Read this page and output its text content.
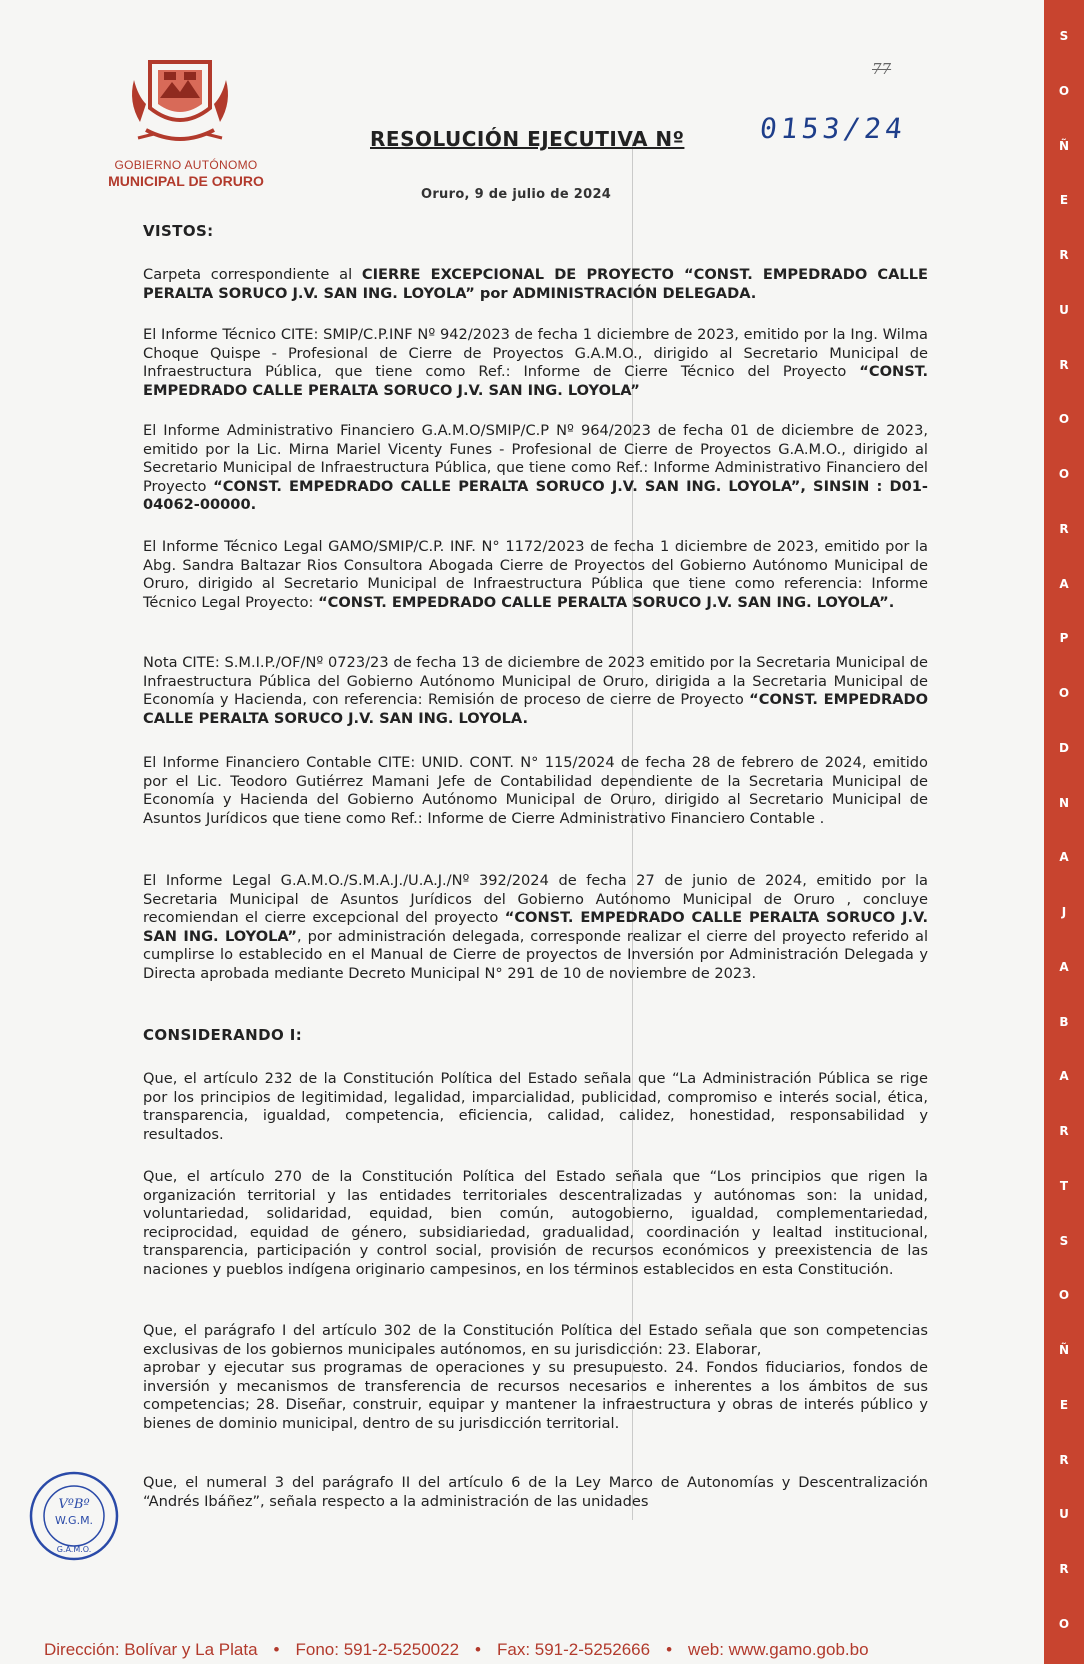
GOBIERNO AUTÓNOMO
MUNICIPAL DE ORURO
77
RESOLUCIÓN EJECUTIVA Nº	0153/24
Oruro, 9 de julio de 2024
VISTOS:
Carpeta correspondiente al CIERRE EXCEPCIONAL DE PROYECTO “CONST. EMPEDRADO CALLE PERALTA SORUCO J.V. SAN ING. LOYOLA” por ADMINISTRACIÓN DELEGADA.
El Informe Técnico CITE: SMIP/C.P.INF Nº 942/2023 de fecha 1 diciembre de 2023, emitido por la Ing. Wilma Choque Quispe - Profesional de Cierre de Proyectos G.A.M.O., dirigido al Secretario Municipal de Infraestructura Pública, que tiene como Ref.: Informe de Cierre Técnico del Proyecto “CONST. EMPEDRADO CALLE PERALTA SORUCO J.V. SAN ING. LOYOLA”
El Informe Administrativo Financiero G.A.M.O/SMIP/C.P Nº 964/2023 de fecha 01 de diciembre de 2023, emitido por la Lic. Mirna Mariel Vicenty Funes - Profesional de Cierre de Proyectos G.A.M.O., dirigido al Secretario Municipal de Infraestructura Pública, que tiene como Ref.: Informe Administrativo Financiero del Proyecto “CONST. EMPEDRADO CALLE PERALTA SORUCO J.V. SAN ING. LOYOLA”, SINSIN : D01-04062-00000.
El Informe Técnico Legal GAMO/SMIP/C.P. INF. N° 1172/2023 de fecha 1 diciembre de 2023, emitido por la Abg. Sandra Baltazar Rios Consultora Abogada Cierre de Proyectos del Gobierno Autónomo Municipal de Oruro, dirigido al Secretario Municipal de Infraestructura Pública que tiene como referencia: Informe Técnico Legal Proyecto: “CONST. EMPEDRADO CALLE PERALTA SORUCO J.V. SAN ING. LOYOLA”.
Nota CITE: S.M.I.P./OF/Nº 0723/23 de fecha 13 de diciembre de 2023 emitido por la Secretaria Municipal de Infraestructura Pública del Gobierno Autónomo Municipal de Oruro, dirigida a la Secretaria Municipal de Economía y Hacienda, con referencia: Remisión de proceso de cierre de Proyecto “CONST. EMPEDRADO CALLE PERALTA SORUCO J.V. SAN ING. LOYOLA.
El Informe Financiero Contable CITE: UNID. CONT. N° 115/2024 de fecha 28 de febrero de 2024, emitido por el Lic. Teodoro Gutiérrez Mamani Jefe de Contabilidad dependiente de la Secretaria Municipal de Economía y Hacienda del Gobierno Autónomo Municipal de Oruro, dirigido al Secretario Municipal de Asuntos Jurídicos que tiene como Ref.: Informe de Cierre Administrativo Financiero Contable .
El Informe Legal G.A.M.O./S.M.A.J./U.A.J./Nº 392/2024 de fecha 27 de junio de 2024, emitido por la Secretaria Municipal de Asuntos Jurídicos del Gobierno Autónomo Municipal de Oruro , concluye recomiendan el cierre excepcional del proyecto “CONST. EMPEDRADO CALLE PERALTA SORUCO J.V. SAN ING. LOYOLA”, por administración delegada, corresponde realizar el cierre del proyecto referido al cumplirse lo establecido en el Manual de Cierre de proyectos de Inversión por Administración Delegada y Directa aprobada mediante Decreto Municipal N° 291 de 10 de noviembre de 2023.
CONSIDERANDO I:
Que, el artículo 232 de la Constitución Política del Estado señala que “La Administración Pública se rige por los principios de legitimidad, legalidad, imparcialidad, publicidad, compromiso e interés social, ética, transparencia, igualdad, competencia, eficiencia, calidad, calidez, honestidad, responsabilidad y resultados.
Que, el artículo 270 de la Constitución Política del Estado señala que “Los principios que rigen la organización territorial y las entidades territoriales descentralizadas y autónomas son: la unidad, voluntariedad, solidaridad, equidad, bien común, autogobierno, igualdad, complementariedad, reciprocidad, equidad de género, subsidiariedad, gradualidad, coordinación y lealtad institucional, transparencia, participación y control social, provisión de recursos económicos y preexistencia de las naciones y pueblos indígena originario campesinos, en los términos establecidos en esta Constitución.
Que, el parágrafo I del artículo 302 de la Constitución Política del Estado señala que son competencias exclusivas de los gobiernos municipales autónomos, en su jurisdicción: 23. Elaborar,
aprobar y ejecutar sus programas de operaciones y su presupuesto. 24. Fondos fiduciarios, fondos de inversión y mecanismos de transferencia de recursos necesarios e inherentes a los ámbitos de sus competencias; 28. Diseñar, construir, equipar y mantener la infraestructura y obras de interés público y bienes de dominio municipal, dentro de su jurisdicción territorial.
Que, el numeral 3 del parágrafo II del artículo 6 de la Ley Marco de Autonomías y Descentralización “Andrés Ibáñez”, señala respecto a la administración de las unidades
VºBº
W.G.M.
G.A.M.O.
Dirección: Bolívar y La Plata • Fono: 591-2-5250022 • Fax: 591-2-5252666 • web: www.gamo.gob.bo
S
O
Ñ
E
R
U
R
O
O
R
A
P
O
D
N
A
J
A
B
A
R
T
S
O
Ñ
E
R
U
R
O
